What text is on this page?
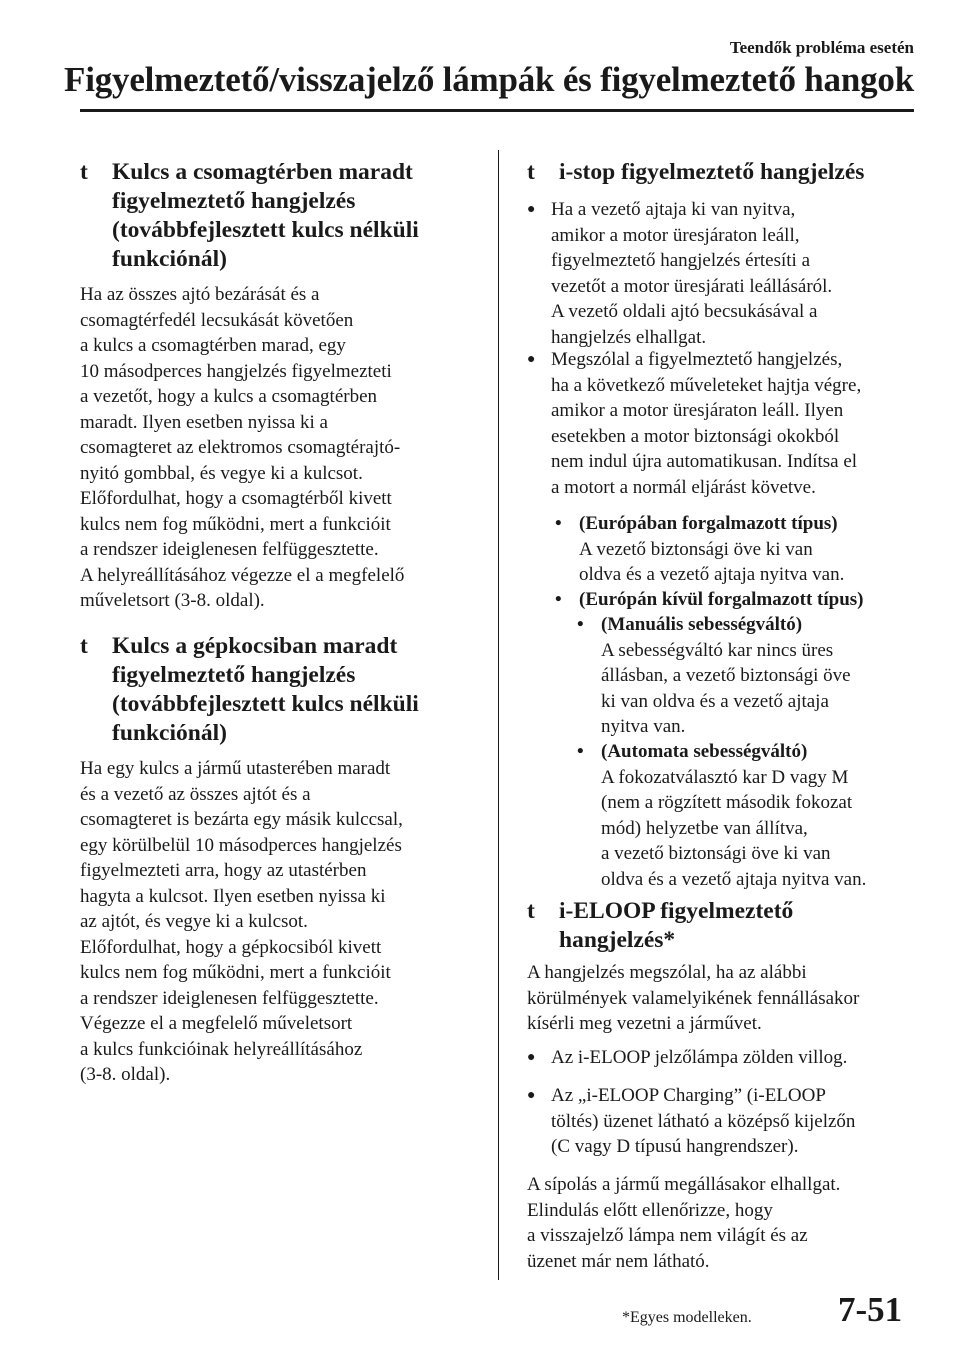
Teendők probléma esetén
Figyelmeztető/visszajelző lámpák és figyelmeztető hangok
t	Kulcs a csomagtérben maradt
figyelmeztető hangjelzés
(továbbfejlesztett kulcs nélküli
funkciónál)
Ha az összes ajtó bezárását és a
csomagtérfedél lecsukását követően
a kulcs a csomagtérben marad, egy
10 másodperces hangjelzés figyelmezteti
a vezetőt, hogy a kulcs a csomagtérben
maradt. Ilyen esetben nyissa ki a
csomagteret az elektromos csomagtérajtó-
nyitó gombbal, és vegye ki a kulcsot.
Előfordulhat, hogy a csomagtérből kivett
kulcs nem fog működni, mert a funkcióit
a rendszer ideiglenesen felfüggesztette.
A helyreállításához végezze el a megfelelő
műveletsort (3-8. oldal).
t	Kulcs a gépkocsiban maradt
figyelmeztető hangjelzés
(továbbfejlesztett kulcs nélküli
funkciónál)
Ha egy kulcs a jármű utasterében maradt
és a vezető az összes ajtót és a
csomagteret is bezárta egy másik kulccsal,
egy körülbelül 10 másodperces hangjelzés
figyelmezteti arra, hogy az utastérben
hagyta a kulcsot. Ilyen esetben nyissa ki
az ajtót, és vegye ki a kulcsot.
Előfordulhat, hogy a gépkocsiból kivett
kulcs nem fog működni, mert a funkcióit
a rendszer ideiglenesen felfüggesztette.
Végezze el a megfelelő műveletsort
a kulcs funkcióinak helyreállításához
(3-8. oldal).
t	i-stop figyelmeztető hangjelzés
● Ha a vezető ajtaja ki van nyitva,
amikor a motor üresjáraton leáll,
figyelmeztető hangjelzés értesíti a
vezetőt a motor üresjárati leállásáról.
A vezető oldali ajtó becsukásával a
hangjelzés elhallgat.
● Megszólal a figyelmeztető hangjelzés,
ha a következő műveleteket hajtja végre,
amikor a motor üresjáraton leáll. Ilyen
esetekben a motor biztonsági okokból
nem indul újra automatikusan. Indítsa el
a motort a normál eljárást követve.
• (Európában forgalmazott típus)
A vezető biztonsági öve ki van
oldva és a vezető ajtaja nyitva van.
• (Európán kívül forgalmazott típus)
• (Manuális sebességváltó)
A sebességváltó kar nincs üres
állásban, a vezető biztonsági öve
ki van oldva és a vezető ajtaja
nyitva van.
• (Automata sebességváltó)
A fokozatválasztó kar D vagy M
(nem a rögzített második fokozat
mód) helyzetbe van állítva,
a vezető biztonsági öve ki van
oldva és a vezető ajtaja nyitva van.
t	i-ELOOP figyelmeztető
hangjelzés*
A hangjelzés megszólal, ha az alábbi
körülmények valamelyikének fennállásakor
kísérli meg vezetni a járművet.
● Az i-ELOOP jelzőlámpa zölden villog.
● Az „i-ELOOP Charging” (i-ELOOP
töltés) üzenet látható a középső kijelzőn
(C vagy D típusú hangrendszer).
A sípolás a jármű megállásakor elhallgat.
Elindulás előtt ellenőrizze, hogy
a visszajelző lámpa nem világít és az
üzenet már nem látható.
*Egyes modelleken. 7-51
